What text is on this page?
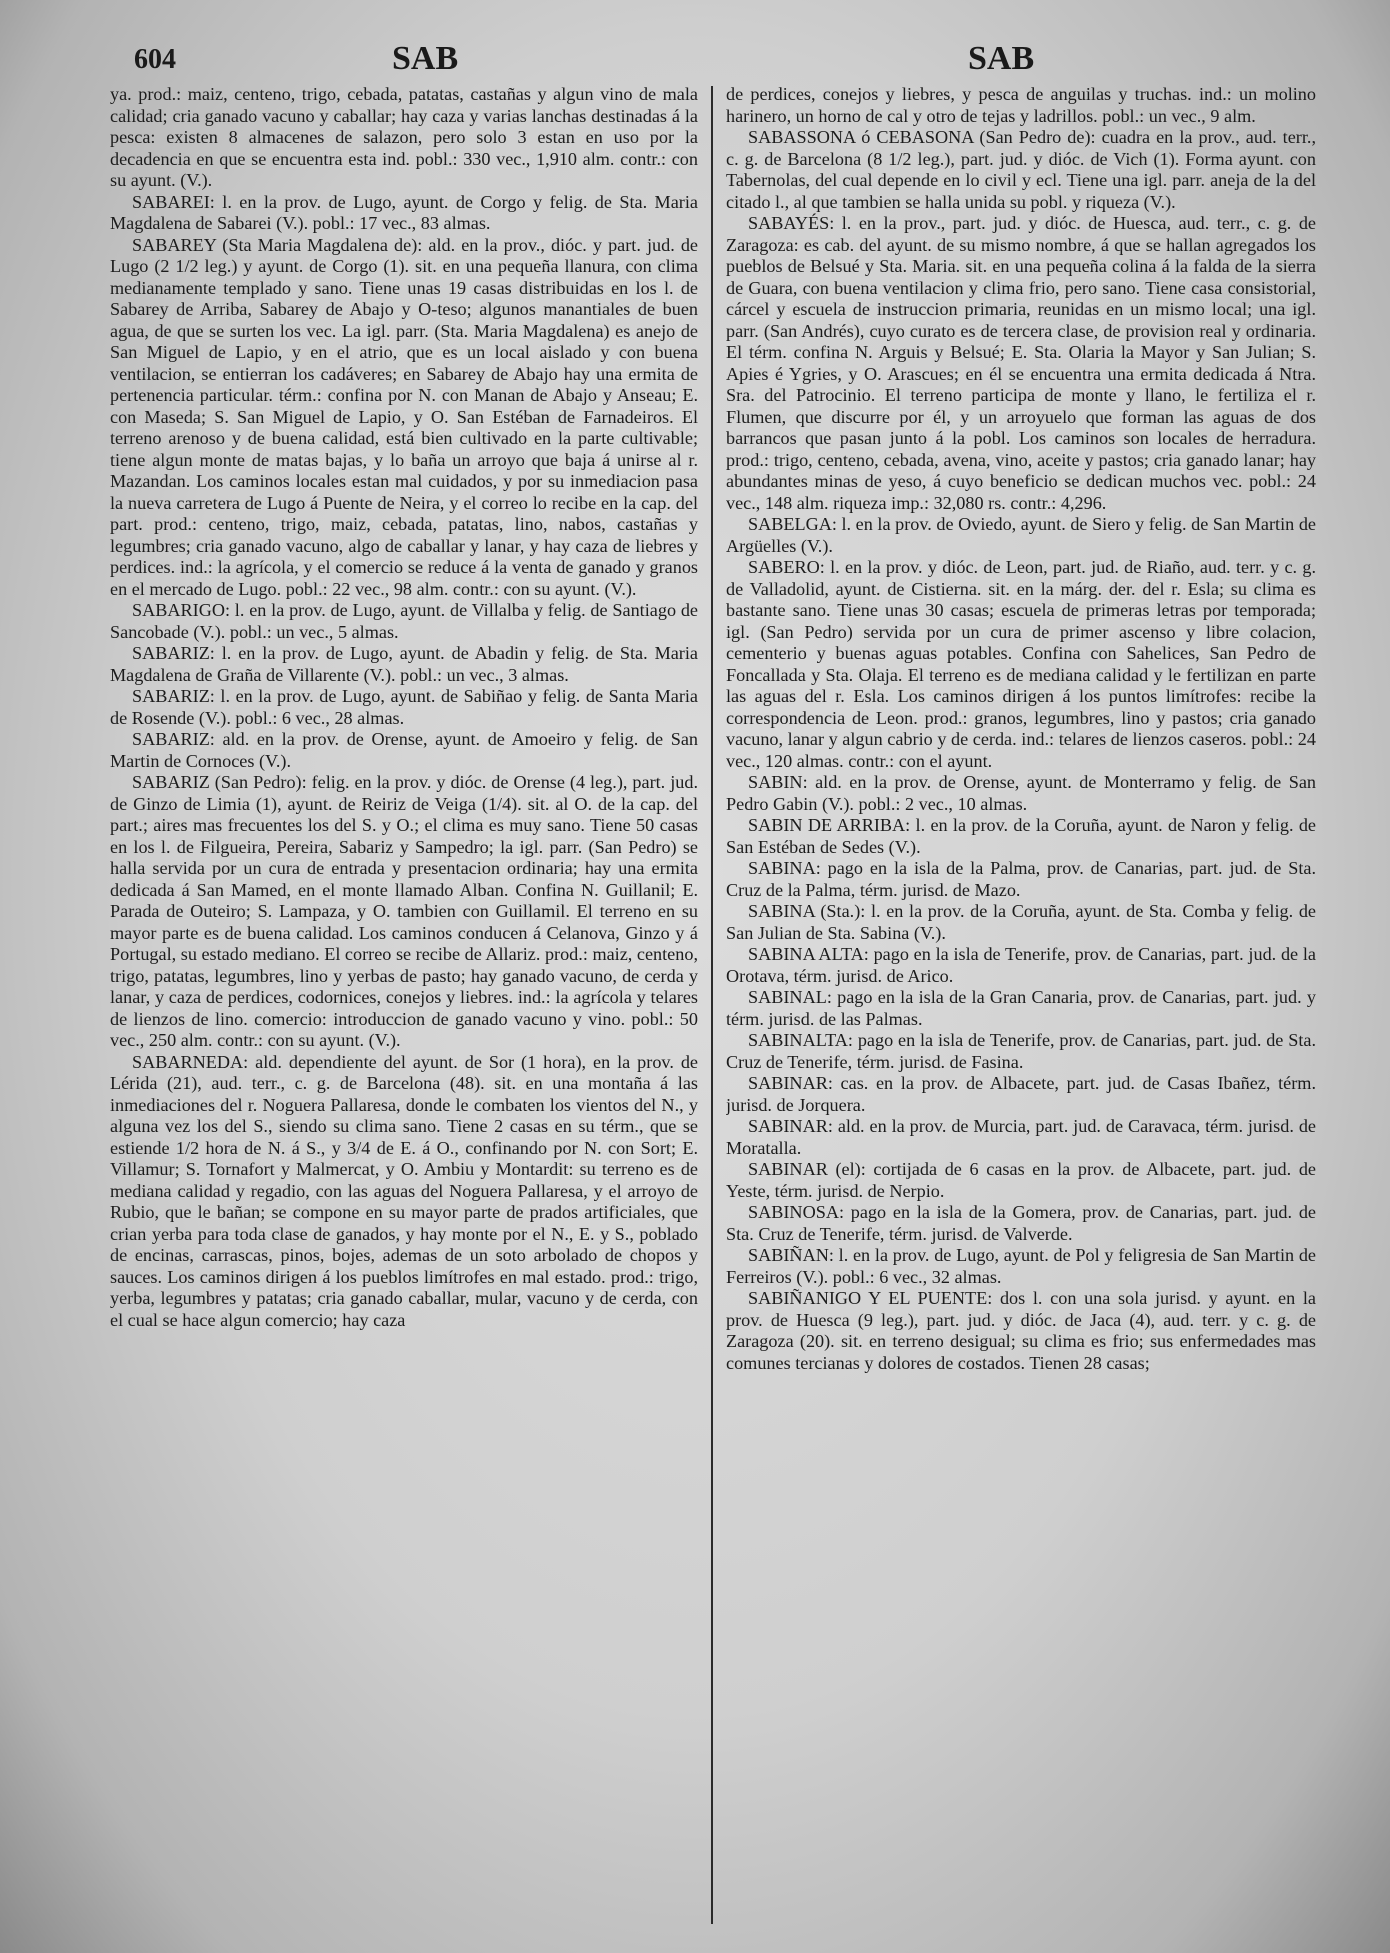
604	SAB	SAB

ya. prod.: maiz, centeno, trigo, cebada, patatas, castañas y algun vino de mala calidad; cria ganado vacuno y caballar; hay caza y varias lanchas destinadas á la pesca: existen 8 almacenes de salazon, pero solo 3 estan en uso por la decadencia en que se encuentra esta ind. pobl.: 330 vec., 1,910 alm. contr.: con su ayunt. (V.).

SABAREI: l. en la prov. de Lugo, ayunt. de Corgo y felig. de Sta. Maria Magdalena de Sabarei (V.). pobl.: 17 vec., 83 almas.

SABAREY (Sta Maria Magdalena de): ald. en la prov., dióc. y part. jud. de Lugo (2 1/2 leg.) y ayunt. de Corgo (1). sit. en una pequeña llanura, con clima medianamente templado y sano. Tiene unas 19 casas distribuidas en los l. de Sabarey de Arriba, Sabarey de Abajo y O-teso; algunos manantiales de buen agua, de que se surten los vec. La igl. parr. (Sta. Maria Magdalena) es anejo de San Miguel de Lapio, y en el atrio, que es un local aislado y con buena ventilacion, se entierran los cadáveres; en Sabarey de Abajo hay una ermita de pertenencia particular. térm.: confina por N. con Manan de Abajo y Anseau; E. con Maseda; S. San Miguel de Lapio, y O. San Estéban de Farnadeiros. El terreno arenoso y de buena calidad, está bien cultivado en la parte cultivable; tiene algun monte de matas bajas, y lo baña un arroyo que baja á unirse al r. Mazandan. Los caminos locales estan mal cuidados, y por su inmediacion pasa la nueva carretera de Lugo á Puente de Neira, y el correo lo recibe en la cap. del part. prod.: centeno, trigo, maiz, cebada, patatas, lino, nabos, castañas y legumbres; cria ganado vacuno, algo de caballar y lanar, y hay caza de liebres y perdices. ind.: la agrícola, y el comercio se reduce á la venta de ganado y granos en el mercado de Lugo. pobl.: 22 vec., 98 alm. contr.: con su ayunt. (V.).

SABARIGO: l. en la prov. de Lugo, ayunt. de Villalba y felig. de Santiago de Sancobade (V.). pobl.: un vec., 5 almas.

SABARIZ: l. en la prov. de Lugo, ayunt. de Abadin y felig. de Sta. Maria Magdalena de Graña de Villarente (V.). pobl.: un vec., 3 almas.

SABARIZ: l. en la prov. de Lugo, ayunt. de Sabiñao y felig. de Santa Maria de Rosende (V.). pobl.: 6 vec., 28 almas.

SABARIZ: ald. en la prov. de Orense, ayunt. de Amoeiro y felig. de San Martin de Cornoces (V.).

SABARIZ (San Pedro): felig. en la prov. y dióc. de Orense (4 leg.), part. jud. de Ginzo de Limia (1), ayunt. de Reiriz de Veiga (1/4). sit. al O. de la cap. del part.; aires mas frecuentes los del S. y O.; el clima es muy sano. Tiene 50 casas en los l. de Filgueira, Pereira, Sabariz y Sampedro; la igl. parr. (San Pedro) se halla servida por un cura de entrada y presentacion ordinaria; hay una ermita dedicada á San Mamed, en el monte llamado Alban. Confina N. Guillanil; E. Parada de Outeiro; S. Lampaza, y O. tambien con Guillamil. El terreno en su mayor parte es de buena calidad. Los caminos conducen á Celanova, Ginzo y á Portugal, su estado mediano. El correo se recibe de Allariz. prod.: maiz, centeno, trigo, patatas, legumbres, lino y yerbas de pasto; hay ganado vacuno, de cerda y lanar, y caza de perdices, codornices, conejos y liebres. ind.: la agrícola y telares de lienzos de lino. comercio: introduccion de ganado vacuno y vino. pobl.: 50 vec., 250 alm. contr.: con su ayunt. (V.).

SABARNEDA: ald. dependiente del ayunt. de Sor (1 hora), en la prov. de Lérida (21), aud. terr., c. g. de Barcelona (48). sit. en una montaña á las inmediaciones del r. Noguera Pallaresa, donde le combaten los vientos del N., y alguna vez los del S., siendo su clima sano. Tiene 2 casas en su térm., que se estiende 1/2 hora de N. á S., y 3/4 de E. á O., confinando por N. con Sort; E. Villamur; S. Tornafort y Malmercat, y O. Ambiu y Montardit: su terreno es de mediana calidad y regadio, con las aguas del Noguera Pallaresa, y el arroyo de Rubio, que le bañan; se compone en su mayor parte de prados artificiales, que crian yerba para toda clase de ganados, y hay monte por el N., E. y S., poblado de encinas, carrascas, pinos, bojes, ademas de un soto arbolado de chopos y sauces. Los caminos dirigen á los pueblos limítrofes en mal estado. prod.: trigo, yerba, legumbres y patatas; cria ganado caballar, mular, vacuno y de cerda, con el cual se hace algun comercio; hay caza

de perdices, conejos y liebres, y pesca de anguilas y truchas. ind.: un molino harinero, un horno de cal y otro de tejas y ladrillos. pobl.: un vec., 9 alm.

SABASSONA ó CEBASONA (San Pedro de): cuadra en la prov., aud. terr., c. g. de Barcelona (8 1/2 leg.), part. jud. y dióc. de Vich (1). Forma ayunt. con Tabernolas, del cual depende en lo civil y ecl. Tiene una igl. parr. aneja de la del citado l., al que tambien se halla unida su pobl. y riqueza (V.).

SABAYÉS: l. en la prov., part. jud. y dióc. de Huesca, aud. terr., c. g. de Zaragoza: es cab. del ayunt. de su mismo nombre, á que se hallan agregados los pueblos de Belsué y Sta. Maria. sit. en una pequeña colina á la falda de la sierra de Guara, con buena ventilacion y clima frio, pero sano. Tiene casa consistorial, cárcel y escuela de instruccion primaria, reunidas en un mismo local; una igl. parr. (San Andrés), cuyo curato es de tercera clase, de provision real y ordinaria. El térm. confina N. Arguis y Belsué; E. Sta. Olaria la Mayor y San Julian; S. Apies é Ygries, y O. Arascues; en él se encuentra una ermita dedicada á Ntra. Sra. del Patrocinio. El terreno participa de monte y llano, le fertiliza el r. Flumen, que discurre por él, y un arroyuelo que forman las aguas de dos barrancos que pasan junto á la pobl. Los caminos son locales de herradura. prod.: trigo, centeno, cebada, avena, vino, aceite y pastos; cria ganado lanar; hay abundantes minas de yeso, á cuyo beneficio se dedican muchos vec. pobl.: 24 vec., 148 alm. riqueza imp.: 32,080 rs. contr.: 4,296.

SABELGA: l. en la prov. de Oviedo, ayunt. de Siero y felig. de San Martin de Argüelles (V.).

SABERO: l. en la prov. y dióc. de Leon, part. jud. de Riaño, aud. terr. y c. g. de Valladolid, ayunt. de Cistierna. sit. en la márg. der. del r. Esla; su clima es bastante sano. Tiene unas 30 casas; escuela de primeras letras por temporada; igl. (San Pedro) servida por un cura de primer ascenso y libre colacion, cementerio y buenas aguas potables. Confina con Sahelices, San Pedro de Foncallada y Sta. Olaja. El terreno es de mediana calidad y le fertilizan en parte las aguas del r. Esla. Los caminos dirigen á los puntos limítrofes: recibe la correspondencia de Leon. prod.: granos, legumbres, lino y pastos; cria ganado vacuno, lanar y algun cabrio y de cerda. ind.: telares de lienzos caseros. pobl.: 24 vec., 120 almas. contr.: con el ayunt.

SABIN: ald. en la prov. de Orense, ayunt. de Monterramo y felig. de San Pedro Gabin (V.). pobl.: 2 vec., 10 almas.

SABIN DE ARRIBA: l. en la prov. de la Coruña, ayunt. de Naron y felig. de San Estéban de Sedes (V.).

SABINA: pago en la isla de la Palma, prov. de Canarias, part. jud. de Sta. Cruz de la Palma, térm. jurisd. de Mazo.

SABINA (Sta.): l. en la prov. de la Coruña, ayunt. de Sta. Comba y felig. de San Julian de Sta. Sabina (V.).

SABINA ALTA: pago en la isla de Tenerife, prov. de Canarias, part. jud. de la Orotava, térm. jurisd. de Arico.

SABINAL: pago en la isla de la Gran Canaria, prov. de Canarias, part. jud. y térm. jurisd. de las Palmas.

SABINALTA: pago en la isla de Tenerife, prov. de Canarias, part. jud. de Sta. Cruz de Tenerife, térm. jurisd. de Fasina.

SABINAR: cas. en la prov. de Albacete, part. jud. de Casas Ibañez, térm. jurisd. de Jorquera.

SABINAR: ald. en la prov. de Murcia, part. jud. de Caravaca, térm. jurisd. de Moratalla.

SABINAR (el): cortijada de 6 casas en la prov. de Albacete, part. jud. de Yeste, térm. jurisd. de Nerpio.

SABINOSA: pago en la isla de la Gomera, prov. de Canarias, part. jud. de Sta. Cruz de Tenerife, térm. jurisd. de Valverde.

SABIÑAN: l. en la prov. de Lugo, ayunt. de Pol y feligresia de San Martin de Ferreiros (V.). pobl.: 6 vec., 32 almas.

SABIÑANIGO Y EL PUENTE: dos l. con una sola jurisd. y ayunt. en la prov. de Huesca (9 leg.), part. jud. y dióc. de Jaca (4), aud. terr. y c. g. de Zaragoza (20). sit. en terreno desigual; su clima es frio; sus enfermedades mas comunes tercianas y dolores de costados. Tienen 28 casas;
